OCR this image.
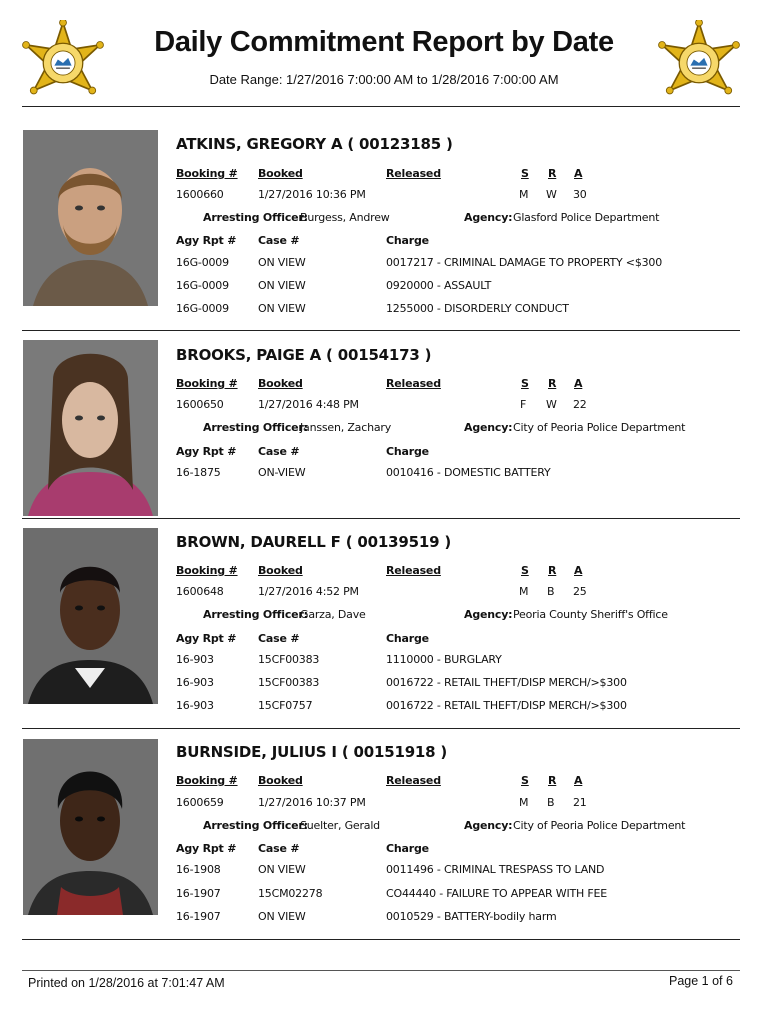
Daily Commitment Report by Date
Date Range: 1/27/2016 7:00:00 AM to 1/28/2016 7:00:00 AM
ATKINS, GREGORY A ( 00123185 )
Booking # Booked	Released	S R A
1600660	1/27/2016 10:36 PM	M W 30
Arresting Officer:
Burgess, Andrew	Agency: Glasford Police Department
Agy Rpt # Case #	Charge
16G-0009	ON VIEW	0017217 - CRIMINAL DAMAGE TO PROPERTY <$300
16G-0009	ON VIEW	0920000 - ASSAULT
16G-0009	ON VIEW	1255000 - DISORDERLY CONDUCT
BROOKS, PAIGE A ( 00154173 )
Booking # Booked	Released	S R A
1600650	1/27/2016 4:48 PM	F W 22
Arresting Officer:
Janssen, Zachary	Agency: City of Peoria Police Department
Agy Rpt # Case #	Charge
16-1875	ON-VIEW	0010416 - DOMESTIC BATTERY
BROWN, DAURELL F ( 00139519 )
Booking # Booked	Released	S R A
1600648	1/27/2016 4:52 PM	M B 25
Arresting Officer:
Garza, Dave	Agency: Peoria County Sheriff's Office
Agy Rpt # Case #	Charge
16-903	15CF00383	1110000 - BURGLARY
16-903	15CF00383	0016722 - RETAIL THEFT/DISP MERCH/>$300
16-903	15CF0757	0016722 - RETAIL THEFT/DISP MERCH/>$300
BURNSIDE, JULIUS I ( 00151918 )
Booking # Booked	Released	S R A
1600659	1/27/2016 10:37 PM	M B 21
Arresting Officer:
Suelter, Gerald	Agency: City of Peoria Police Department
Agy Rpt # Case #	Charge
16-1908	ON VIEW	0011496 - CRIMINAL TRESPASS TO LAND
16-1907	15CM02278	CO44440 - FAILURE TO APPEAR WITH FEE
16-1907	ON VIEW	0010529 - BATTERY-bodily harm
Printed on 1/28/2016 at 7:01:47 AM	Page 1 of 6
